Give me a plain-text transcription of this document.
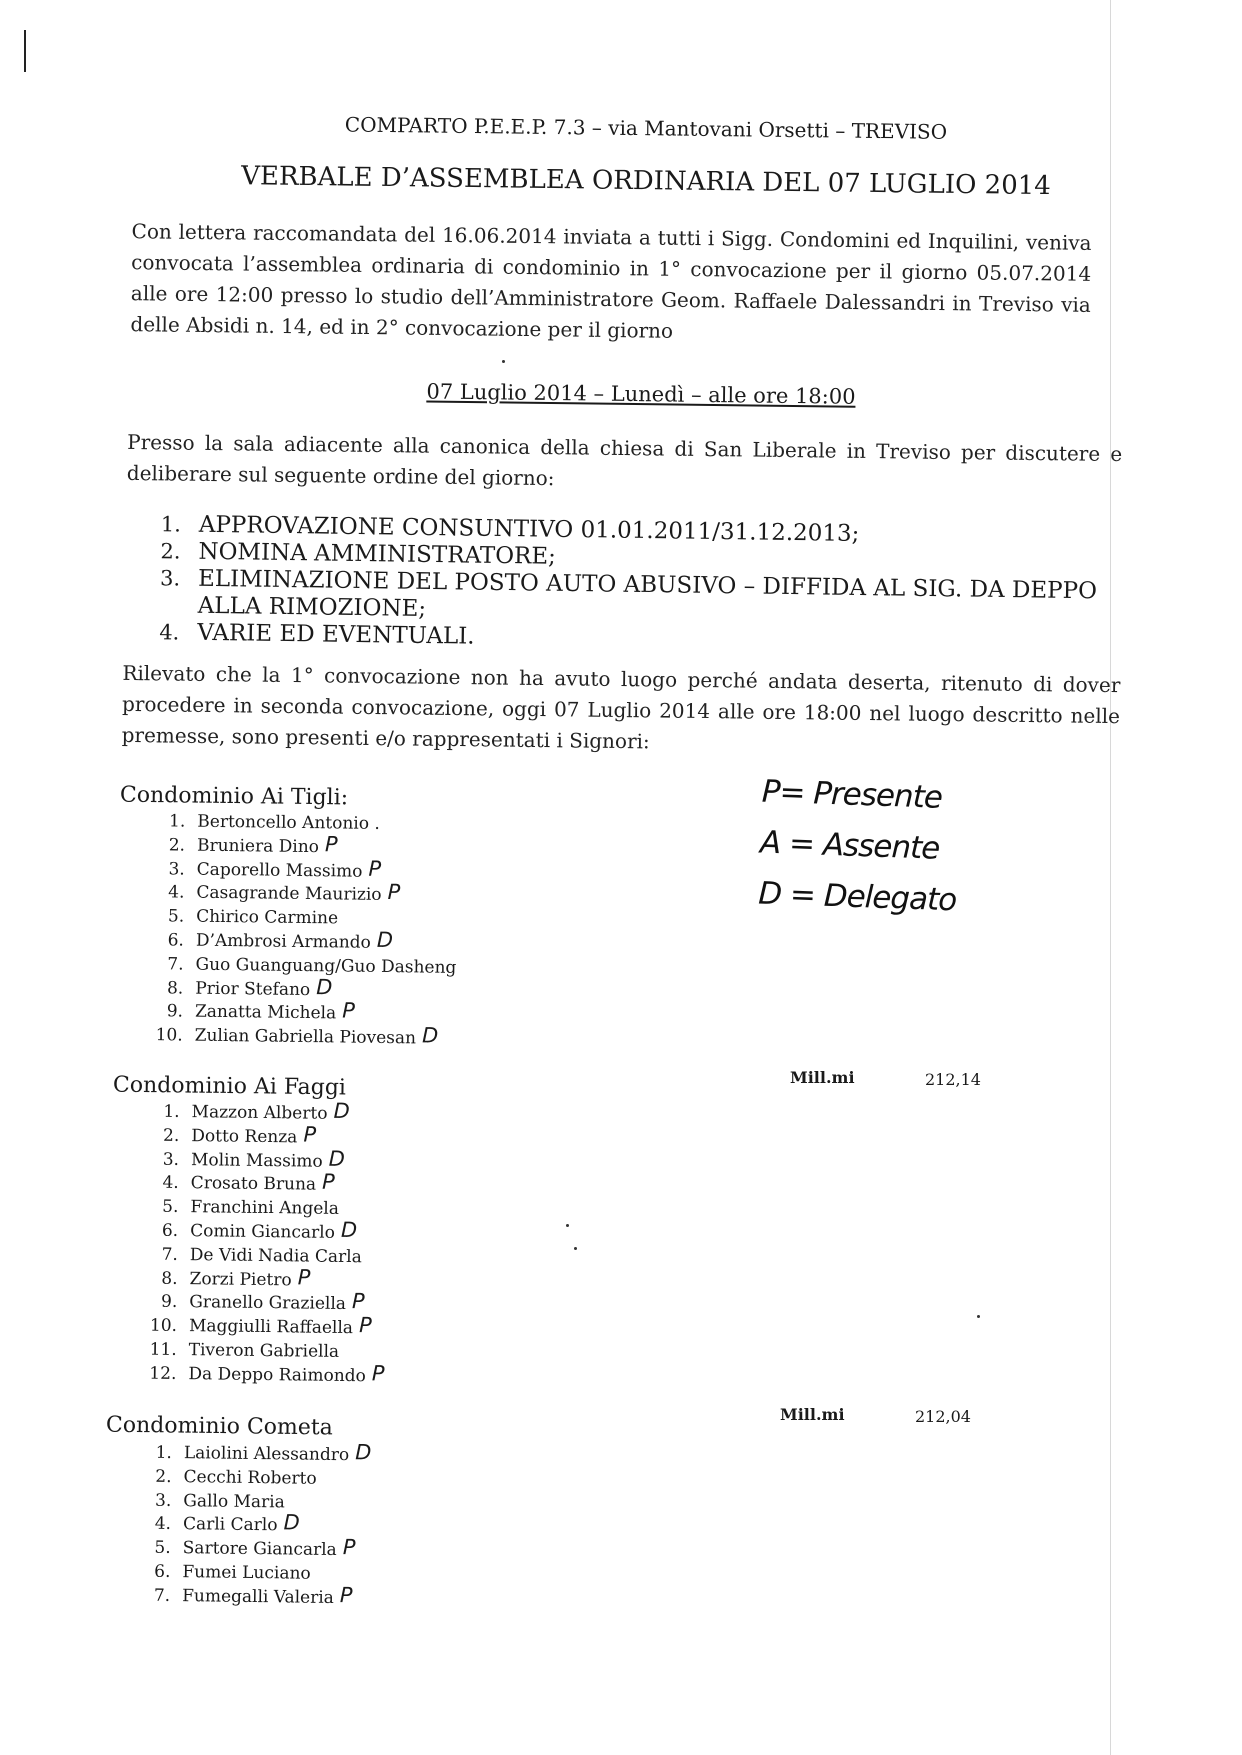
COMPARTO P.E.E.P. 7.3 – via Mantovani Orsetti – TREVISO
VERBALE D’ASSEMBLEA ORDINARIA DEL 07 LUGLIO 2014
Con lettera raccomandata del 16.06.2014 inviata a tutti i Sigg. Condomini ed Inquilini, veniva convocata l’assemblea ordinaria di condominio in 1° convocazione per il giorno 05.07.2014 alle ore 12:00 presso lo studio dell’Amministratore Geom. Raffaele Dalessandri in Treviso via delle Absidi n. 14, ed in 2° convocazione per il giorno
07 Luglio 2014 – Lunedì – alle ore 18:00
Presso la sala adiacente alla canonica della chiesa di San Liberale in Treviso per discutere e deliberare sul seguente ordine del giorno:
1. APPROVAZIONE CONSUNTIVO 01.01.2011/31.12.2013;
2. NOMINA AMMINISTRATORE;
3. ELIMINAZIONE DEL POSTO AUTO ABUSIVO – DIFFIDA AL SIG. DA DEPPO ALLA RIMOZIONE;
4. VARIE ED EVENTUALI.
Rilevato che la 1° convocazione non ha avuto luogo perché andata deserta, ritenuto di dover procedere in seconda convocazione, oggi 07 Luglio 2014 alle ore 18:00 nel luogo descritto nelle premesse, sono presenti e/o rappresentati i Signori:
P= Presente
A = Assente
D = Delegato
Condominio Ai Tigli:
1. Bertoncello Antonio .
2. Bruniera Dino P
3. Caporello Massimo P
4. Casagrande Maurizio P
5. Chirico Carmine
6. D’Ambrosi Armando D
7. Guo Guanguang/Guo Dasheng
8. Prior Stefano D
9. Zanatta Michela P
10. Zulian Gabriella Piovesan D
Mill.mi	212,14
Condominio Ai Faggi
1. Mazzon Alberto D
2. Dotto Renza P
3. Molin Massimo D
4. Crosato Bruna P
5. Franchini Angela
6. Comin Giancarlo D
7. De Vidi Nadia Carla
8. Zorzi Pietro P
9. Granello Graziella P
10. Maggiulli Raffaella P
11. Tiveron Gabriella
12. Da Deppo Raimondo P
Mill.mi	212,04
Condominio Cometa
1. Laiolini Alessandro D
2. Cecchi Roberto
3. Gallo Maria
4. Carli Carlo D
5. Sartore Giancarla P
6. Fumei Luciano
7. Fumegalli Valeria P
